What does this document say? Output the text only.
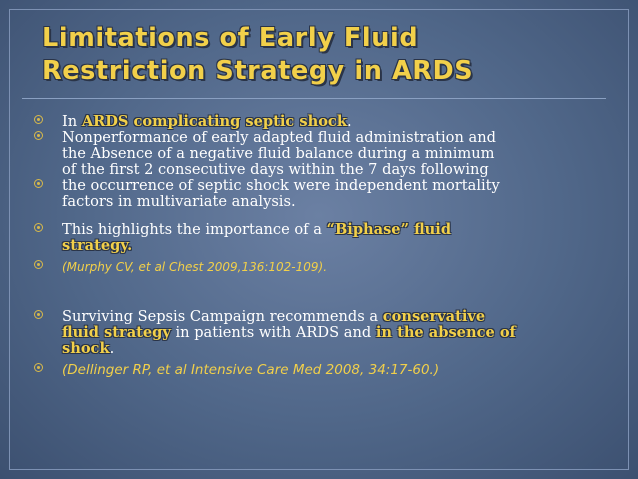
Limitations of Early Fluid
Restriction Strategy in ARDS
In ARDS complicating septic shock.
Nonperformance of early adapted fluid administration and
the Absence of a negative fluid balance during a minimum
of the first 2 consecutive days within the 7 days following
the occurrence of septic shock were independent mortality
factors in multivariate analysis.
This highlights the importance of a “Biphase” fluid
strategy.
(Murphy CV, et al Chest 2009,136:102-109).
Surviving Sepsis Campaign recommends a conservative
fluid strategy in patients with ARDS and in the absence of
shock.
(Dellinger RP, et al Intensive Care Med 2008, 34:17-60.)
